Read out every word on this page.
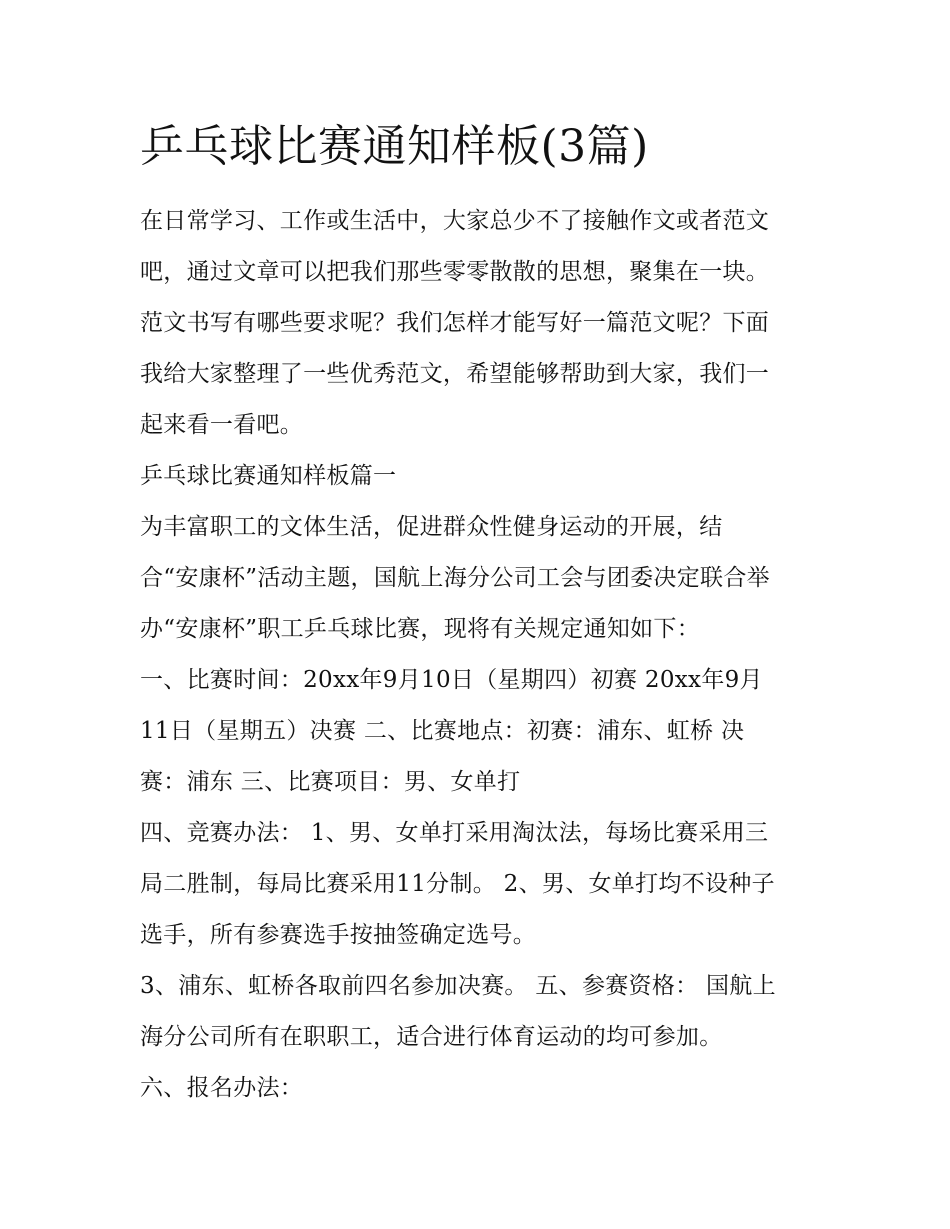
乒乓球比赛通知样板(3篇)

在日常学习、工作或生活中，大家总少不了接触作文或者范文
吧，通过文章可以把我们那些零零散散的思想，聚集在一块。
范文书写有哪些要求呢？我们怎样才能写好一篇范文呢？下面
我给大家整理了一些优秀范文，希望能够帮助到大家，我们一
起来看一看吧。

乒乓球比赛通知样板篇一

为丰富职工的文体生活，促进群众性健身运动的开展，结
合“安康杯”活动主题，国航上海分公司工会与团委决定联合举
办“安康杯”职工乒乓球比赛，现将有关规定通知如下：

一、比赛时间：20xx年9月10日（星期四）初赛 20xx年9月
11日（星期五）决赛 二、比赛地点：初赛：浦东、虹桥 决
赛：浦东 三、比赛项目：男、女单打

四、竞赛办法： 1、男、女单打采用淘汰法，每场比赛采用三
局二胜制，每局比赛采用11分制。 2、男、女单打均不设种子
选手，所有参赛选手按抽签确定选号。

3、浦东、虹桥各取前四名参加决赛。 五、参赛资格： 国航上
海分公司所有在职职工，适合进行体育运动的均可参加。

六、报名办法：
